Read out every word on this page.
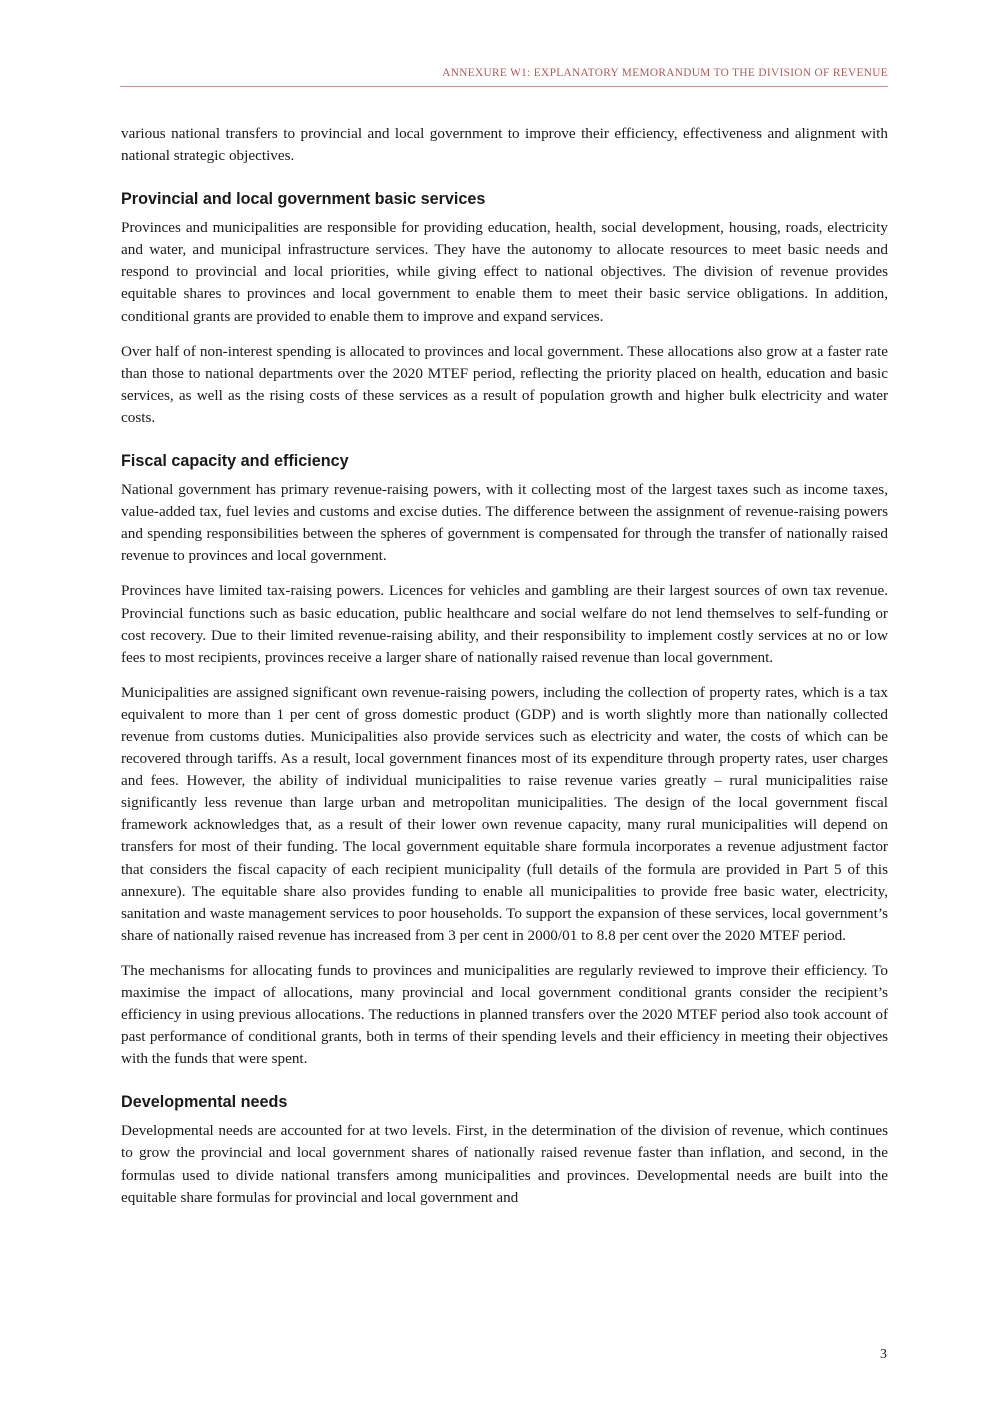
ANNEXURE W1: EXPLANATORY MEMORANDUM TO THE DIVISION OF REVENUE

various national transfers to provincial and local government to improve their efficiency, effectiveness and alignment with national strategic objectives.

Provincial and local government basic services

Provinces and municipalities are responsible for providing education, health, social development, housing, roads, electricity and water, and municipal infrastructure services. They have the autonomy to allocate resources to meet basic needs and respond to provincial and local priorities, while giving effect to national objectives. The division of revenue provides equitable shares to provinces and local government to enable them to meet their basic service obligations. In addition, conditional grants are provided to enable them to improve and expand services.

Over half of non-interest spending is allocated to provinces and local government. These allocations also grow at a faster rate than those to national departments over the 2020 MTEF period, reflecting the priority placed on health, education and basic services, as well as the rising costs of these services as a result of population growth and higher bulk electricity and water costs.

Fiscal capacity and efficiency

National government has primary revenue-raising powers, with it collecting most of the largest taxes such as income taxes, value-added tax, fuel levies and customs and excise duties. The difference between the assignment of revenue-raising powers and spending responsibilities between the spheres of government is compensated for through the transfer of nationally raised revenue to provinces and local government.

Provinces have limited tax-raising powers. Licences for vehicles and gambling are their largest sources of own tax revenue. Provincial functions such as basic education, public healthcare and social welfare do not lend themselves to self-funding or cost recovery. Due to their limited revenue-raising ability, and their responsibility to implement costly services at no or low fees to most recipients, provinces receive a larger share of nationally raised revenue than local government.

Municipalities are assigned significant own revenue-raising powers, including the collection of property rates, which is a tax equivalent to more than 1 per cent of gross domestic product (GDP) and is worth slightly more than nationally collected revenue from customs duties. Municipalities also provide services such as electricity and water, the costs of which can be recovered through tariffs. As a result, local government finances most of its expenditure through property rates, user charges and fees. However, the ability of individual municipalities to raise revenue varies greatly – rural municipalities raise significantly less revenue than large urban and metropolitan municipalities. The design of the local government fiscal framework acknowledges that, as a result of their lower own revenue capacity, many rural municipalities will depend on transfers for most of their funding. The local government equitable share formula incorporates a revenue adjustment factor that considers the fiscal capacity of each recipient municipality (full details of the formula are provided in Part 5 of this annexure). The equitable share also provides funding to enable all municipalities to provide free basic water, electricity, sanitation and waste management services to poor households. To support the expansion of these services, local government’s share of nationally raised revenue has increased from 3 per cent in 2000/01 to 8.8 per cent over the 2020 MTEF period.

The mechanisms for allocating funds to provinces and municipalities are regularly reviewed to improve their efficiency. To maximise the impact of allocations, many provincial and local government conditional grants consider the recipient’s efficiency in using previous allocations. The reductions in planned transfers over the 2020 MTEF period also took account of past performance of conditional grants, both in terms of their spending levels and their efficiency in meeting their objectives with the funds that were spent.

Developmental needs

Developmental needs are accounted for at two levels. First, in the determination of the division of revenue, which continues to grow the provincial and local government shares of nationally raised revenue faster than inflation, and second, in the formulas used to divide national transfers among municipalities and provinces. Developmental needs are built into the equitable share formulas for provincial and local government and

3
